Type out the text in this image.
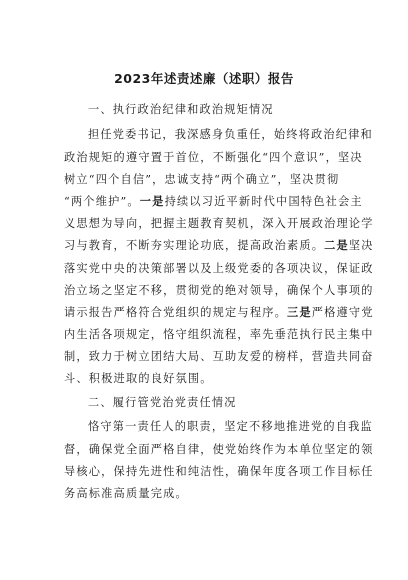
2023年述责述廉（述职）报告
一、执行政治纪律和政治规矩情况
担任党委书记，我深感身负重任，始终将政治纪律和
政治规矩的遵守置于首位，不断强化“四个意识”，坚决
树立“四个自信”，忠诚支持“两个确立”，坚决贯彻
“两个维护”。一是持续以习近平新时代中国特色社会主
义思想为导向，把握主题教育契机，深入开展政治理论学
习与教育，不断夯实理论功底，提高政治素质。二是坚决
落实党中央的决策部署以及上级党委的各项决议，保证政
治立场之坚定不移，贯彻党的绝对领导，确保个人事项的
请示报告严格符合党组织的规定与程序。三是严格遵守党
内生活各项规定，恪守组织流程，率先垂范执行民主集中
制，致力于树立团结大局、互助友爱的榜样，营造共同奋
斗、积极进取的良好氛围。
二、履行管党治党责任情况
恪守第一责任人的职责，坚定不移地推进党的自我监
督，确保党全面严格自律，使党始终作为本单位坚定的领
导核心，保持先进性和纯洁性，确保年度各项工作目标任
务高标准高质量完成。
